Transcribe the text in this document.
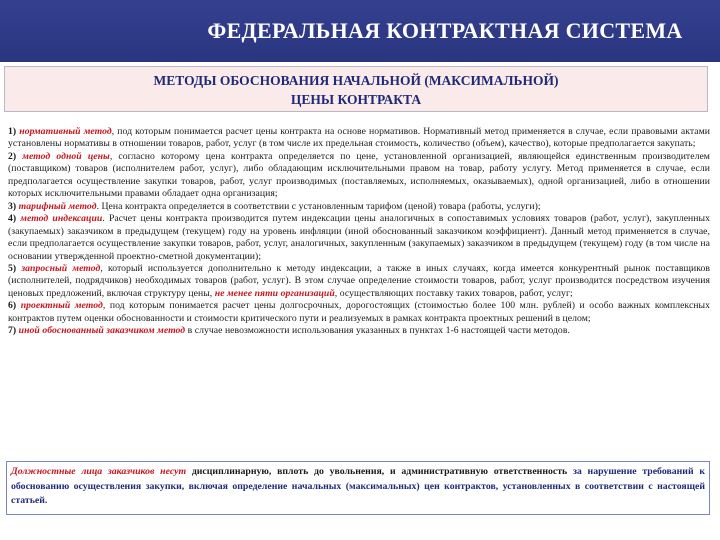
ФЕДЕРАЛЬНАЯ КОНТРАКТНАЯ СИСТЕМА
МЕТОДЫ ОБОСНОВАНИЯ НАЧАЛЬНОЙ (МАКСИМАЛЬНОЙ)
ЦЕНЫ КОНТРАКТА

1) нормативный метод, под которым понимается расчет цены контракта на основе нормативов. Нормативный метод применяется в случае, если правовыми актами установлены нормативы в отношении товаров, работ, услуг (в том числе их предельная стоимость, количество (объем), качество), которые предполагается закупать;

2) метод одной цены, согласно которому цена контракта определяется по цене, установленной организацией, являющейся единственным производителем (поставщиком) товаров (исполнителем работ, услуг), либо обладающим исключительными правом на товар, работу услугу. Метод применяется в случае, если предполагается осуществление закупки товаров, работ, услуг производимых (поставляемых, исполняемых, оказываемых), одной организацией, либо в отношении которых исключительными правами обладает одна организация;

3) тарифный метод. Цена контракта определяется в соответствии с установленным тарифом (ценой) товара (работы, услуги);

4) метод индексации. Расчет цены контракта производится путем индексации цены аналогичных в сопоставимых условиях товаров (работ, услуг), закупленных (закупаемых) заказчиком в предыдущем (текущем) году на уровень инфляции (иной обоснованный заказчиком коэффициент). Данный метод применяется в случае, если предполагается осуществление закупки товаров, работ, услуг, аналогичных, закупленным (закупаемых) заказчиком в предыдущем (текущем) году (в том числе на основании утвержденной проектно-сметной документации);

5) запросный метод, который используется дополнительно к методу индексации, а также в иных случаях, когда имеется конкурентный рынок поставщиков (исполнителей, подрядчиков) необходимых товаров (работ, услуг). В этом случае определение стоимости товаров, работ, услуг производится посредством изучения ценовых предложений, включая структуру цены, не менее пяти организаций, осуществляющих поставку таких товаров, работ, услуг;

6) проектный метод, под которым понимается расчет цены долгосрочных, дорогостоящих (стоимостью более 100 млн. рублей) и особо важных комплексных контрактов путем оценки обоснованности и стоимости критического пути и реализуемых в рамках контракта проектных решений в целом;

7) иной обоснованный заказчиком метод в случае невозможности использования указанных в пунктах 1-6 настоящей части методов.

Должностные лица заказчиков несут дисциплинарную, вплоть до увольнения, и административную ответственность за нарушение требований к обоснованию осуществления закупки, включая определение начальных (максимальных) цен контрактов, установленных в соответствии с настоящей статьей.
